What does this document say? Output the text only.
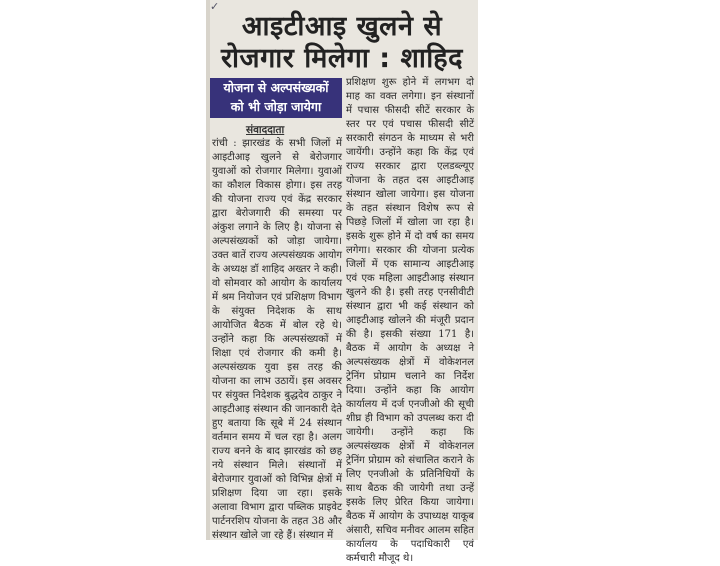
आइटीआइ खुलने से
रोजगार मिलेगा : शाहिद
योजना से अल्पसंख्यकों
को भी जोड़ा जायेगा
संवाददाता
रांची : झारखंड के सभी जिलों में आइटीआइ खुलने से बेरोजगार युवाओं को रोजगार मिलेगा। युवाओं का कौशल विकास होगा। इस तरह की योजना राज्य एवं केंद्र सरकार द्वारा बेरोजगारी की समस्या पर अंकुश लगाने के लिए है। योजना से अल्पसंख्यकों को जोड़ा जायेगा। उक्त बातें राज्य अल्पसंख्यक आयोग के अध्यक्ष डॉ शाहिद अख्तर ने कही। वो सोमवार को आयोग के कार्यालय में श्रम नियोजन एवं प्रशिक्षण विभाग के संयुक्त निदेशक के साथ आयोजित बैठक में बोल रहे थे। उन्होंने कहा कि अल्पसंख्यकों में शिक्षा एवं रोजगार की कमी है। अल्पसंख्यक युवा इस तरह की योजना का लाभ उठायें। इस अवसर पर संयुक्त निदेशक बुद्धदेव ठाकुर ने आइटीआइ संस्थान की जानकारी देते हुए बताया कि सूबे में 24 संस्थान वर्तमान समय में चल रहा है। अलग राज्य बनने के बाद झारखंड को छह नये संस्थान मिले। संस्थानों में बेरोजगार युवाओं को विभिन्न क्षेत्रों में प्रशिक्षण दिया जा रहा। इसके अलावा विभाग द्वारा पब्लिक प्राइवेट पार्टनरशिप योजना के तहत 38 और संस्थान खोले जा रहे हैं। संस्थान में
प्रशिक्षण शुरू होने में लगभग दो माह का वक्त लगेगा। इन संस्थानों में पचास फीसदी सीटें सरकार के स्तर पर एवं पचास फीसदी सीटें सरकारी संगठन के माध्यम से भरी जायेंगी। उन्होंने कहा कि केंद्र एवं राज्य सरकार द्वारा एलडब्ल्यूए योजना के तहत दस आइटीआइ संस्थान खोला जायेगा। इस योजना के तहत संस्थान विशेष रूप से पिछड़े जिलों में खोला जा रहा है। इसके शुरू होने में दो वर्ष का समय लगेगा। सरकार की योजना प्रत्येक जिलों में एक सामान्य आइटीआइ एवं एक महिला आइटीआइ संस्थान खुलने की है। इसी तरह एनसीवीटी संस्थान द्वारा भी कई संस्थान को आइटीआइ खोलने की मंजूरी प्रदान की है। इसकी संख्या 171 है। बैठक में आयोग के अध्यक्ष ने अल्पसंख्यक क्षेत्रों में वोकेशनल ट्रेनिंग प्रोग्राम चलाने का निर्देश दिया। उन्होंने कहा कि आयोग कार्यालय में दर्ज एनजीओ की सूची शीघ्र ही विभाग को उपलब्ध करा दी जायेगी। उन्होंने कहा कि अल्पसंख्यक क्षेत्रों में वोकेशनल ट्रेनिंग प्रोग्राम को संचालित कराने के लिए एनजीओ के प्रतिनिधियों के साथ बैठक की जायेगी तथा उन्हें इसके लिए प्रेरित किया जायेगा। बैठक में आयोग के उपाध्यक्ष याकूब अंसारी, सचिव मनीवर आलम सहित कार्यालय के पदाधिकारी एवं कर्मचारी मौजूद थे।
✓
